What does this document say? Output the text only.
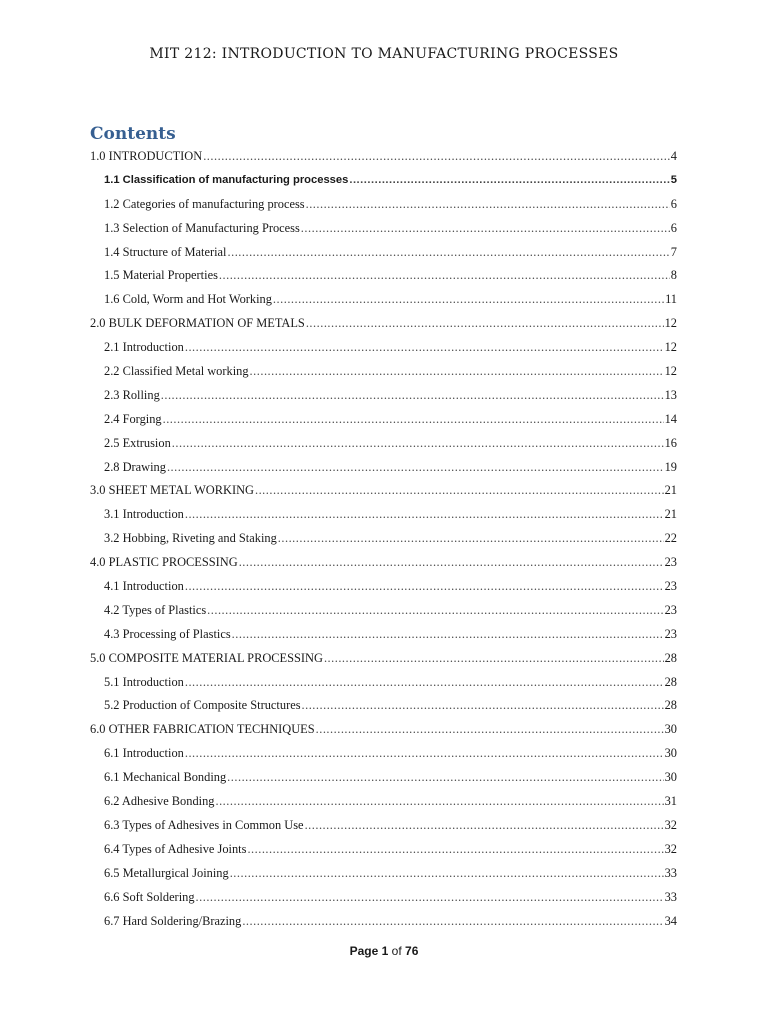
MIT 212: INTRODUCTION TO MANUFACTURING PROCESSES
Contents
1.0 INTRODUCTION .....	4
1.1 Classification of manufacturing processes .....	5
1.2 Categories of manufacturing process .....	6
1.3 Selection of Manufacturing Process .....	6
1.4 Structure of Material .....	7
1.5 Material Properties .....	8
1.6 Cold, Worm and Hot Working .....	11
2.0 BULK DEFORMATION OF METALS .....	12
2.1 Introduction .....	12
2.2 Classified Metal working .....	12
2.3 Rolling .....	13
2.4 Forging .....	14
2.5 Extrusion .....	16
2.8 Drawing .....	19
3.0 SHEET METAL WORKING .....	21
3.1 Introduction .....	21
3.2 Hobbing, Riveting and Staking .....	22
4.0 PLASTIC PROCESSING .....	23
4.1 Introduction .....	23
4.2 Types of Plastics .....	23
4.3 Processing of Plastics .....	23
5.0 COMPOSITE MATERIAL PROCESSING .....	28
5.1 Introduction .....	28
5.2 Production of Composite Structures .....	28
6.0 OTHER FABRICATION TECHNIQUES .....	30
6.1 Introduction .....	30
6.1 Mechanical Bonding .....	30
6.2 Adhesive Bonding .....	31
6.3 Types of Adhesives in Common Use .....	32
6.4 Types of Adhesive Joints .....	32
6.5 Metallurgical Joining .....	33
6.6 Soft Soldering .....	33
6.7 Hard Soldering/Brazing .....	34
Page 1 of 76
